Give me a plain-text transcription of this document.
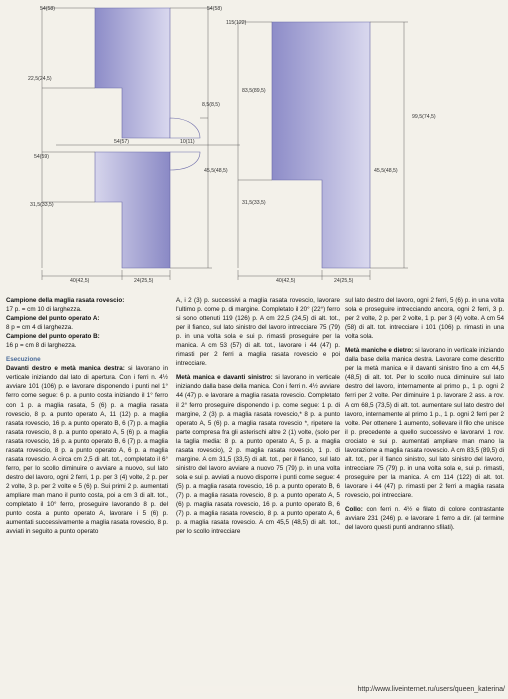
54(58)	54(58)
22,5(24,5)
8,5(8,5)
54(57)	10(11)
54(59)
45,5(48,5)
31,5(33,5)
40(42,5)	24(25,5)
115(122)
83,5(89,5)
99,5(74,5)
45,5(48,5)
31,5(33,5)
40(42,5)	24(25,5)

Campione della maglia rasata rovescio:

17 p. = cm 10 di larghezza.

Campione del punto operato A:

8 p = cm 4 di larghezza.

Campione del punto operato B:

16 p = cm 8 di larghezza.

Esecuzione

Davanti destro e metà manica destra: si lavorano in verticale iniziando dal lato di apertura. Con i ferri n. 4½ avviare 101 (106) p. e lavorare disponendo i punti nel 1° ferro come segue: 6 p. a punto costa iniziando il 1° ferro con 1 p. a maglia rasata, 5 (6) p. a maglia rasata rovescio, 8 p. a punto operato A, 11 (12) p. a maglia rasata rovescio, 16 p. a punto operato B, 6 (7) p. a maglia rasata rovescio, 8 p. a punto operato A, 5 (6) p. a maglia rasata rovescio, 16 p. a punto operato B, 6 (7) p. a maglia rasata rovescio, 8 p. a punto operato A, 6 p. a maglia rasata rovescio. A circa cm 2,5 di alt. tot., completato il 6° ferro, per lo scollo diminuire o avviare a nuovo, sul lato destro del lavoro, ogni 2 ferri, 1 p. per 3 (4) volte, 2 p. per 2 volte, 3 p. per 2 volte e 5 (6) p. Sui primi 2 p. aumentati ampliare man mano il punto costa, poi a cm 3 di alt. tot., completato il 10° ferro, proseguire lavorando 8 p. del punto costa a punto operato A, lavorare i 5 (6) p. aumentati successivamente a maglia rasata rovescio, 8 p. avviati in seguito a punto operato

A, i 2 (3) p. successivi a maglia rasata rovescio, lavorare l'ultimo p. come p. di margine. Completato il 20° (22°) ferro si sono ottenuti 119 (126) p. A cm 22,5 (24,5) di alt. tot., per il fianco, sul lato sinistro del lavoro intrecciare 75 (79) p. in una volta sola e sui p. rimasti proseguire per la manica. A cm 53 (57) di alt. tot., lavorare i 44 (47) p. rimasti per 2 ferri a maglia rasata rovescio e poi intrecciare.

Metà manica e davanti sinistro: si lavorano in verticale iniziando dalla base della manica. Con i ferri n. 4½ avviare 44 (47) p. e lavorare a maglia rasata rovescio. Completato il 2° ferro proseguire disponendo i p. come segue: 1 p. di margine, 2 (3) p. a maglia rasata rovescio,* 8 p. a punto operato A, 5 (6) p. a maglia rasata rovescio *, ripetere la parte compresa fra gli asterischi altre 2 (1) volte, (solo per la taglia media: 8 p. a punto operato A, 5 p. a maglia rasata rovescio), 2 p. maglia rasata rovescio, 1 p. di margine. A cm 31,5 (33,5) di alt. tot., per il fianco, sul lato sinistro del lavoro avviare a nuovo 75 (79) p. in una volta sola e sui p. avviati a nuovo disporre i punti come segue: 4 (5) p. a maglia rasata rovescio, 16 p. a punto operato B, 6 (7) p. a maglia rasata rovescio, 8 p. a punto operato A, 5 (6) p. maglia rasata rovescio, 16 p. a punto operato B, 6 (7) p. a maglia rasata rovescio, 8 p. a punto operato A, 6 p. a maglia rasata rovescio. A cm 45,5 (48,5) di alt. tot., per lo scollo intrecciare

sul lato destro del lavoro, ogni 2 ferri, 5 (6) p. in una volta sola e proseguire intrecciando ancora, ogni 2 ferri, 3 p. per 2 volte, 2 p. per 2 volte, 1 p. per 3 (4) volte. A cm 54 (58) di alt. tot. intrecciare i 101 (106) p. rimasti in una volta sola.

Metà maniche e dietro: si lavorano in verticale iniziando dalla base della manica destra. Lavorare come descritto per la metà manica e il davanti sinistro fino a cm 44,5 (48,5) di alt. tot. Per lo scollo nuca diminuire sul lato destro del lavoro, internamente al primo p., 1 p. ogni 2 ferri per 2 volte. Per diminuire 1 p. lavorare 2 ass. a rov. A cm 68,5 (73,5) di alt. tot. aumentare sul lato destro del lavoro, internamente al primo 1 p., 1 p. ogni 2 ferri per 2 volte. Per ottenere 1 aumento, sollevare il filo che unisce il p. precedente a quello successivo e lavorarvi 1 rov. crociato e sui p. aumentati ampliare man mano la lavorazione a maglia rasata rovescio. A cm 83,5 (89,5) di alt. tot., per il fianco sinistro, sul lato sinistro del lavoro, intrecciare 75 (79) p. in una volta sola e, sui p. rimasti, proseguire per la manica. A cm 114 (122) di alt. tot. lavorare i 44 (47) p. rimasti per 2 ferri a maglia rasata rovescio, poi intrecciare.

Collo: con ferri n. 4½ e filato di colore contrastante avviare 231 (246) p. e lavorare 1 ferro a dir. (al termine del lavoro questi punti andranno sfilati).

http://www.liveinternet.ru/users/queen_katerina/
